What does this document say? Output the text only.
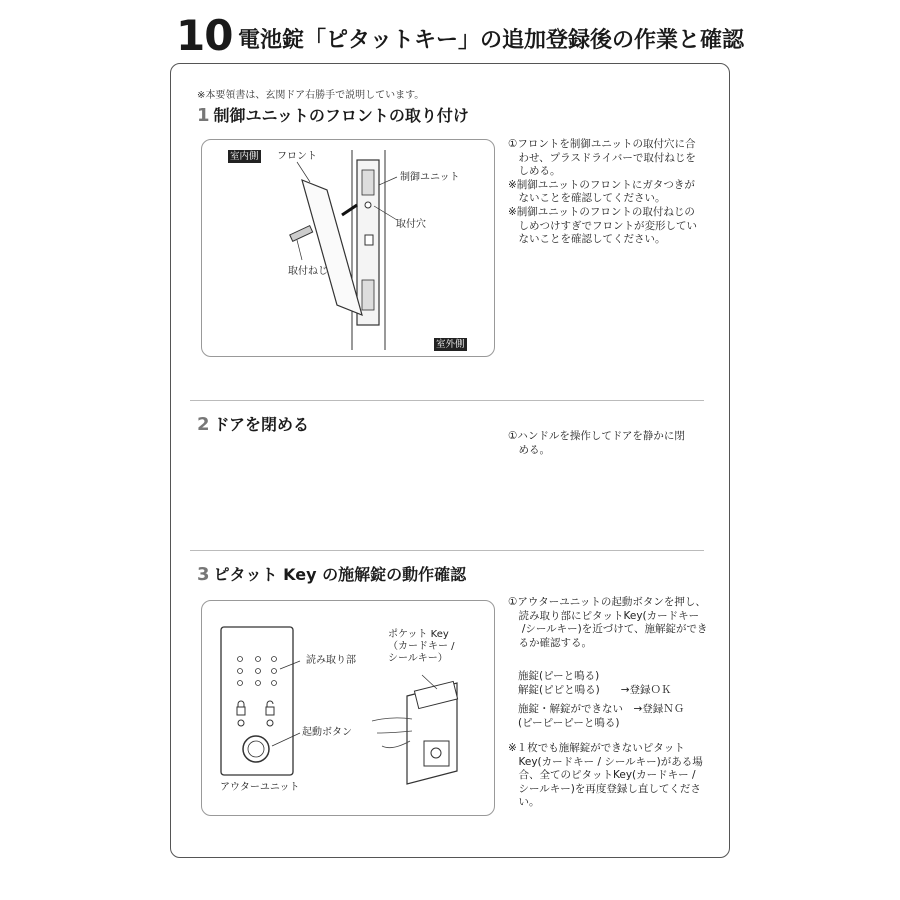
10 電池錠「ピタットキー」の追加登録後の作業と確認
※本要領書は、玄関ドア右勝手で説明しています。
1 制御ユニットのフロントの取り付け
室内側
室外側
フロント
制御ユニット
取付穴
取付ねじ
①フロントを制御ユニットの取付穴に合
　わせ、プラスドライバーで取付ねじを
　しめる。
※制御ユニットのフロントにガタつきが
　ないことを確認してください。
※制御ユニットのフロントの取付ねじの
　しめつけすぎでフロントが変形してい
　ないことを確認してください。
2 ドアを閉める
①ハンドルを操作してドアを静かに閉
　める。
3 ピタット Key の施解錠の動作確認
読み取り部
起動ボタン
アウターユニット
ポケット Key
（カードキー /
シールキー）
①アウターユニットの起動ボタンを押し、
　読み取り部にピタットKey(カードキー
　 /シールキー)を近づけて、施解錠ができ
　るか確認する。
施錠(ピーと鳴る)
解錠(ピピと鳴る)　　→登録ＯＫ
施錠・解錠ができない　→登録ＮＧ
(ピーピーピーと鳴る)
※１枚でも施解錠ができないピタット
　Key(カードキー / シールキー)がある場
　合、全てのピタットKey(カードキー /
　シールキー)を再度登録し直してくださ
　い。
